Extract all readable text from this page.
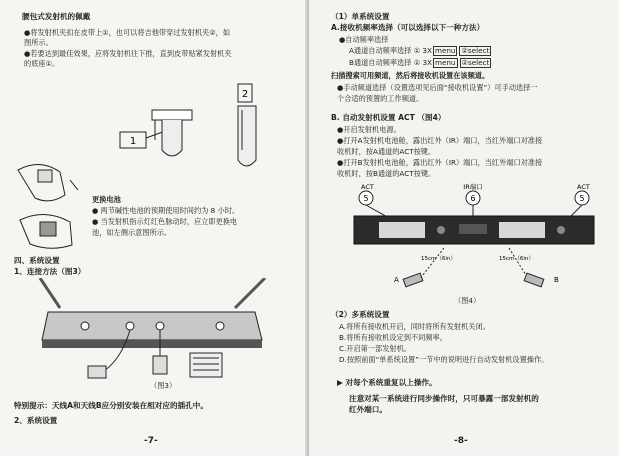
腰包式发射机的佩戴
●将发射机夹扣在皮带上①，也可以将吉他带穿过发射机夹②，如
图所示。
●若要达到最佳效果，应将发射机往下推，直到皮带贴紧发射机夹
的底座①。
1
2
更换电池
● 两节碱性电池的预期使用时间约为 8 小时。
● 当发射机指示灯红色脉动时，应立即更换电
池，如左侧示意图所示。
四、系统设置
1、连接方法（图3）
（图3）
特别提示：天线A和天线B应分别安装在相对应的插孔中。
2、系统设置
-7-
（1）单系统设置
A.接收机频率选择（可以选择以下一种方法）
●自动频率选择
A通道自动频率选择 ① 3X menu ②select
B通道自动频率选择 ① 3X menu ②select
扫描搜索可用频道，然后将接收机设置在该频道。
●手动频道选择（设置选项见后面“接收机设置”）可手动选择一
个合适的预置的工作频道。
B. 自动发射机设置 ACT （图4）
●开启发射机电源。
●打开A发射机电池舱，露出红外（IR）端口，当红外端口对准接
收机时，按A通道的ACT按键。
●打开B发射机电池舱，露出红外（IR）端口，当红外端口对准接
收机时，按B通道的ACT按键。
ACT
5
IR端口
6
ACT
5
15cm（6in）	15cm（6in）
A	B
（图4）
（2）多系统设置
A.将所有接收机开启，同时将所有发射机关闭。
B.将所有接收机设定到不同频率。
C.开启第一部发射机。
D.按照前面“单系统设置”一节中的说明进行自动发射机设置操作。
▶ 对每个系统重复以上操作。
注意对某一系统进行同步操作时，只可暴露一部发射机的
红外端口。
-8-
